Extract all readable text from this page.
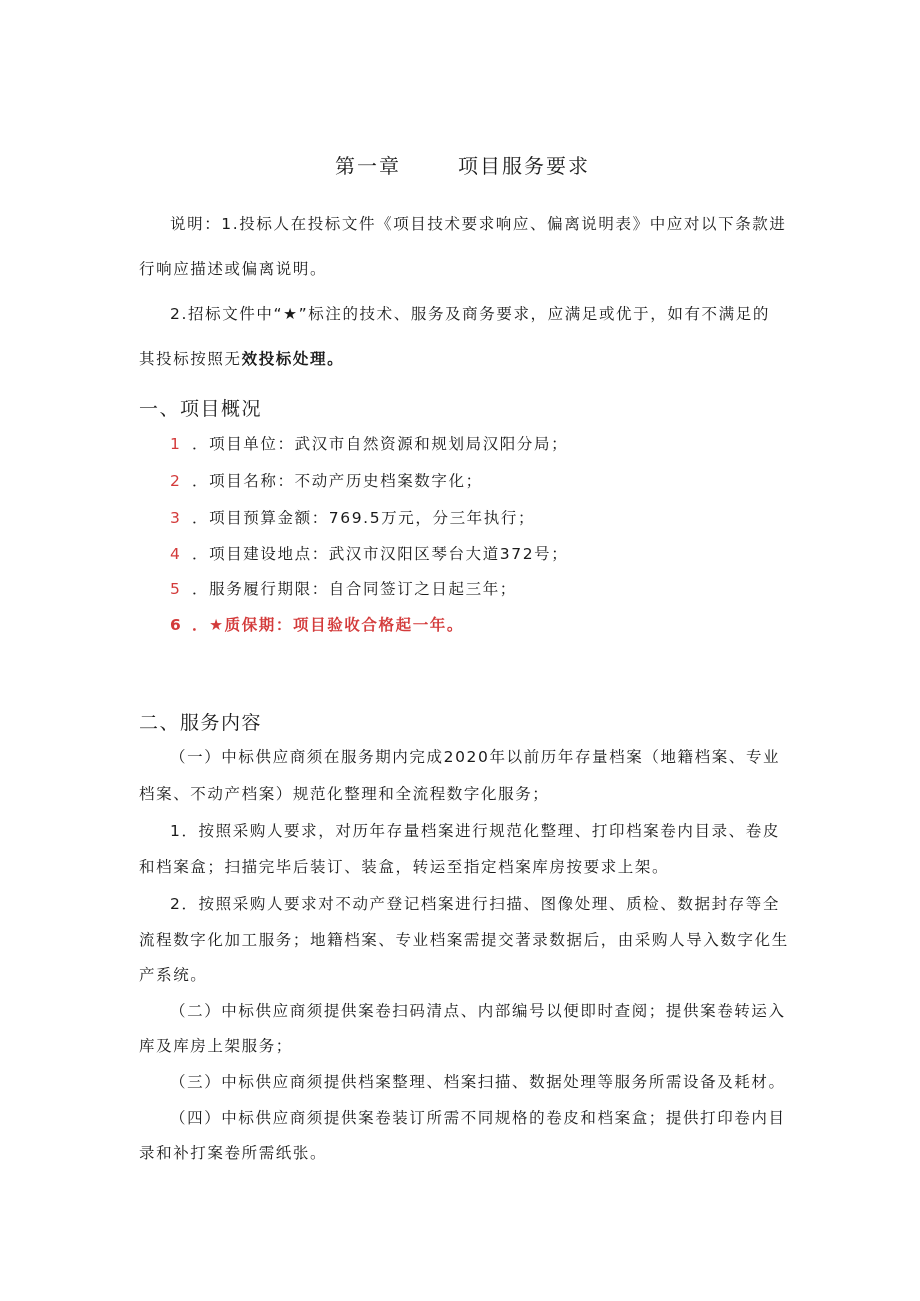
第一章	项目服务要求
说明：1.投标人在投标文件《项目技术要求响应、偏离说明表》中应对以下条款进
行响应描述或偏离说明。
2.招标文件中“★”标注的技术、服务及商务要求，应满足或优于，如有不满足的
其投标按照无效投标处理。
一、项目概况
1 ．项目单位：武汉市自然资源和规划局汉阳分局；
2 ．项目名称：不动产历史档案数字化；
3 ．项目预算金额：769.5万元，分三年执行；
4 ．项目建设地点：武汉市汉阳区琴台大道372号；
5 ．服务履行期限：自合同签订之日起三年；
6 ．★质保期：项目验收合格起一年。
二、服务内容
（一）中标供应商须在服务期内完成2020年以前历年存量档案（地籍档案、专业
档案、不动产档案）规范化整理和全流程数字化服务；
1．按照采购人要求，对历年存量档案进行规范化整理、打印档案卷内目录、卷皮
和档案盒；扫描完毕后装订、装盒，转运至指定档案库房按要求上架。
2．按照采购人要求对不动产登记档案进行扫描、图像处理、质检、数据封存等全
流程数字化加工服务；地籍档案、专业档案需提交著录数据后，由采购人导入数字化生
产系统。
（二）中标供应商须提供案卷扫码清点、内部编号以便即时查阅；提供案卷转运入
库及库房上架服务；
（三）中标供应商须提供档案整理、档案扫描、数据处理等服务所需设备及耗材。
（四）中标供应商须提供案卷装订所需不同规格的卷皮和档案盒；提供打印卷内目
录和补打案卷所需纸张。
